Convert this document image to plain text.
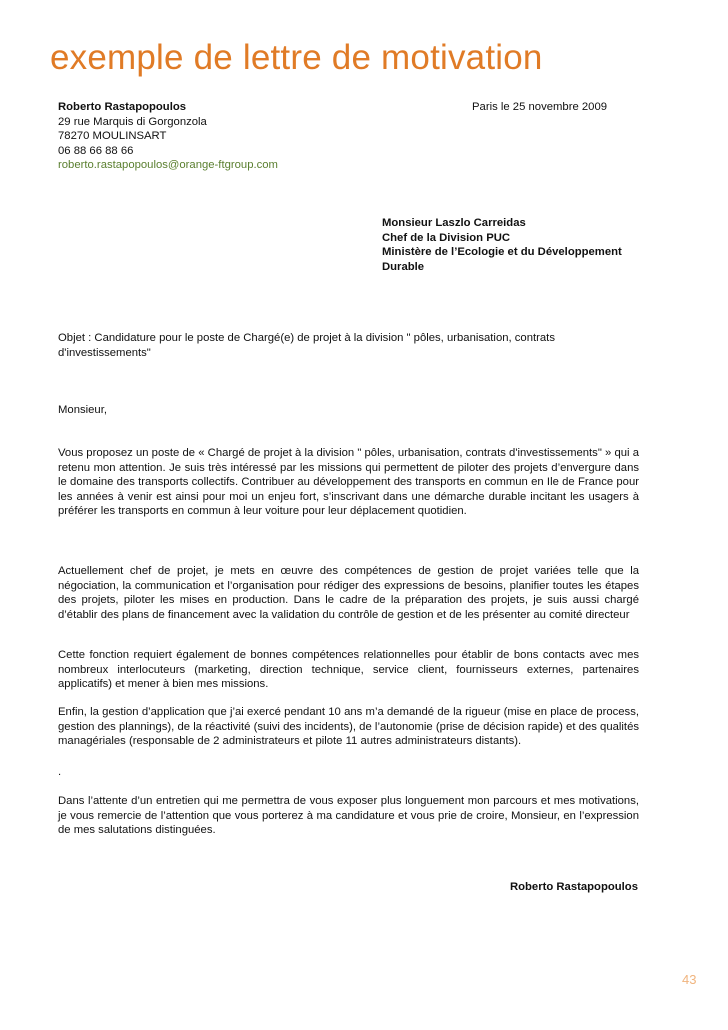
exemple de lettre de motivation
Roberto Rastapopoulos
29 rue Marquis di Gorgonzola
78270 MOULINSART
06 88 66 88 66
roberto.rastapopoulos@orange-ftgroup.com
Paris le 25 novembre 2009
Monsieur Laszlo Carreidas
Chef de la Division PUC
Ministère de l’Ecologie et du Développement
Durable
Objet : Candidature pour le poste de Chargé(e) de projet à la division " pôles, urbanisation, contrats d'investissements"
Monsieur,
Vous proposez un poste de « Chargé de projet à la division " pôles, urbanisation, contrats d'investissements" » qui a retenu mon attention. Je suis très intéressé par les missions qui permettent de piloter des projets d’envergure dans le domaine des transports collectifs. Contribuer au développement des transports en commun en Ile de France pour les années à venir est ainsi pour moi un enjeu fort, s’inscrivant dans une démarche durable incitant les usagers à préférer les transports en commun à leur voiture pour leur déplacement quotidien.
Actuellement chef de projet, je mets en œuvre des compétences de gestion de projet variées telle que la négociation, la communication et l’organisation pour rédiger des expressions de besoins, planifier toutes les étapes des projets, piloter les mises en production. Dans le cadre de la préparation des projets, je suis aussi chargé d’établir des plans de financement avec la validation du contrôle de gestion et de les présenter au comité directeur
Cette fonction requiert également de bonnes compétences relationnelles pour établir de bons contacts avec mes nombreux interlocuteurs (marketing, direction technique, service client, fournisseurs externes, partenaires applicatifs) et mener à bien mes missions.
Enfin, la gestion d’application que j’ai exercé pendant 10 ans m’a demandé de la rigueur (mise en place de process, gestion des plannings), de la réactivité (suivi des incidents), de l’autonomie (prise de décision rapide) et des qualités managériales (responsable de 2 administrateurs et pilote 11 autres administrateurs distants).
.
Dans l’attente d’un entretien qui me permettra de vous exposer plus longuement mon parcours et mes motivations, je vous remercie de l’attention que vous porterez à ma candidature et vous prie de croire, Monsieur, en l’expression de mes salutations distinguées.
Roberto Rastapopoulos
43
